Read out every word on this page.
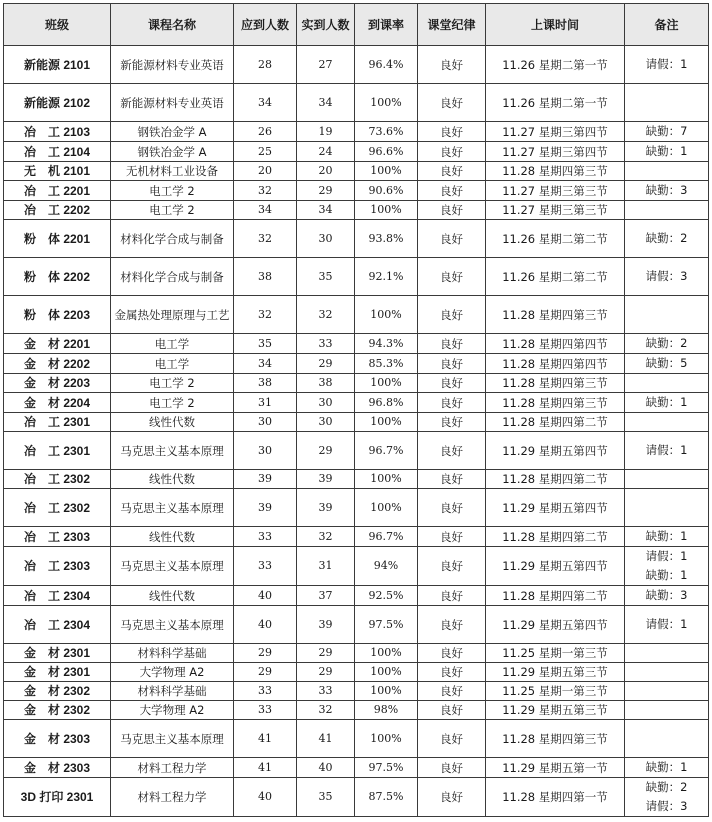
班级	课程名称	应到人数	实到人数	到课率	课堂纪律	上课时间	备注
新能源 2101	新能源材料专业英语	28	27	96.4%	良好	11.26 星期二第一节	请假：1

新能源 2102	新能源材料专业英语	34	34	100%	良好	11.26 星期二第一节	
冶　工 2103	钢铁冶金学 A	26	19	73.6%	良好	11.27 星期三第四节	缺勤：7

冶　工 2104	钢铁冶金学 A	25	24	96.6%	良好	11.27 星期三第四节	缺勤：1

无　机 2101	无机材料工业设备	20	20	100%	良好	11.28 星期四第三节	
冶　工 2201	电工学 2	32	29	90.6%	良好	11.27 星期三第三节	缺勤：3

冶　工 2202	电工学 2	34	34	100%	良好	11.27 星期三第三节	
粉　体 2201	材料化学合成与制备	32	30	93.8%	良好	11.26 星期二第二节	缺勤：2

粉　体 2202	材料化学合成与制备	38	35	92.1%	良好	11.26 星期二第二节	请假：3

粉　体 2203	金属热处理原理与工艺	32	32	100%	良好	11.28 星期四第三节	
金　材 2201	电工学	35	33	94.3%	良好	11.28 星期四第四节	缺勤：2

金　材 2202	电工学	34	29	85.3%	良好	11.28 星期四第四节	缺勤：5

金　材 2203	电工学 2	38	38	100%	良好	11.28 星期四第三节	
金　材 2204	电工学 2	31	30	96.8%	良好	11.28 星期四第三节	缺勤：1

冶　工 2301	线性代数	30	30	100%	良好	11.28 星期四第二节	
冶　工 2301	马克思主义基本原理	30	29	96.7%	良好	11.29 星期五第四节	请假：1

冶　工 2302	线性代数	39	39	100%	良好	11.28 星期四第二节	
冶　工 2302	马克思主义基本原理	39	39	100%	良好	11.29 星期五第四节	
冶　工 2303	线性代数	33	32	96.7%	良好	11.28 星期四第二节	缺勤：1

冶　工 2303	马克思主义基本原理	33	31	94%	良好	11.29 星期五第四节	请假：1
缺勤：1

冶　工 2304	线性代数	40	37	92.5%	良好	11.28 星期四第二节	缺勤：3

冶　工 2304	马克思主义基本原理	40	39	97.5%	良好	11.29 星期五第四节	请假：1

金　材 2301	材料科学基础	29	29	100%	良好	11.25 星期一第三节	
金　材 2301	大学物理 A2	29	29	100%	良好	11.29 星期五第三节	
金　材 2302	材料科学基础	33	33	100%	良好	11.25 星期一第三节	
金　材 2302	大学物理 A2	33	32	98%	良好	11.29 星期五第三节	
金　材 2303	马克思主义基本原理	41	41	100%	良好	11.28 星期四第三节	
金　材 2303	材料工程力学	41	40	97.5%	良好	11.29 星期五第一节	缺勤：1

3D 打印 2301	材料工程力学	40	35	87.5%	良好	11.28 星期四第一节	缺勤：2
请假：3
